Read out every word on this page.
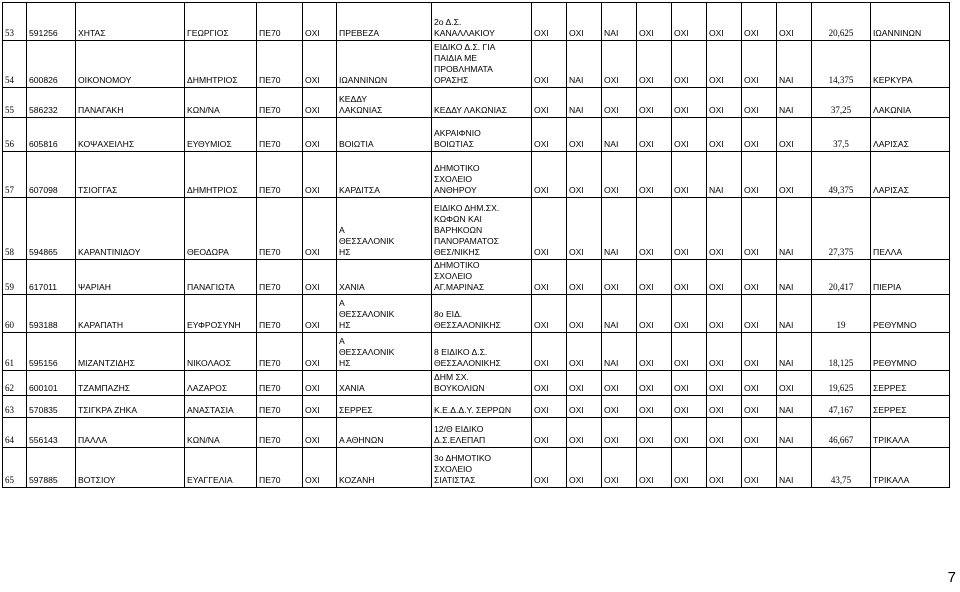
53	591256	ΧΗΤΑΣ	ΓΕΩΡΓΙΟΣ	ΠΕ70	ΟΧΙ	ΠΡΕΒΕΖΑ	2ο Δ.Σ.
ΚΑΝΑΛΛΑΚΙΟΥ	ΟΧΙ	ΟΧΙ	ΝΑΙ	ΟΧΙ	ΟΧΙ	ΟΧΙ	ΟΧΙ	ΟΧΙ	20,625	ΙΩΑΝΝΙΝΩΝ
54	600826	ΟΙΚΟΝΟΜΟΥ	ΔΗΜΗΤΡΙΟΣ	ΠΕ70	ΟΧΙ	ΙΩΑΝΝΙΝΩΝ	ΕΙΔΙΚΟ Δ.Σ. ΓΙΑ
ΠΑΙΔΙΑ ΜΕ
ΠΡΟΒΛΗΜΑΤΑ
ΟΡΑΣΗΣ	ΟΧΙ	ΝΑΙ	ΟΧΙ	ΟΧΙ	ΟΧΙ	ΟΧΙ	ΟΧΙ	ΝΑΙ	14,375	ΚΕΡΚΥΡΑ
55	586232	ΠΑΝΑΓΑΚΗ	ΚΩΝ/ΝΑ	ΠΕ70	ΟΧΙ	ΚΕΔΔΥ
ΛΑΚΩΝΙΑΣ	ΚΕΔΔΥ ΛΑΚΩΝΙΑΣ	ΟΧΙ	ΝΑΙ	ΟΧΙ	ΟΧΙ	ΟΧΙ	ΟΧΙ	ΟΧΙ	ΝΑΙ	37,25	ΛΑΚΩΝΙΑ
56	605816	ΚΟΨΑΧΕΙΛΗΣ	ΕΥΘΥΜΙΟΣ	ΠΕ70	ΟΧΙ	ΒΟΙΩΤΙΑ	ΑΚΡΑΙΦΝΙΟ
ΒΟΙΩΤΙΑΣ	ΟΧΙ	ΟΧΙ	ΝΑΙ	ΟΧΙ	ΟΧΙ	ΟΧΙ	ΟΧΙ	ΟΧΙ	37,5	ΛΑΡΙΣΑΣ
57	607098	ΤΣΙΟΓΓΑΣ	ΔΗΜΗΤΡΙΟΣ	ΠΕ70	ΟΧΙ	ΚΑΡΔΙΤΣΑ	ΔΗΜΟΤΙΚΟ
ΣΧΟΛΕΙΟ
ΑΝΘΗΡΟΥ	ΟΧΙ	ΟΧΙ	ΟΧΙ	ΟΧΙ	ΟΧΙ	ΝΑΙ	ΟΧΙ	ΟΧΙ	49,375	ΛΑΡΙΣΑΣ
58	594865	ΚΑΡΑΝΤΙΝΙΔΟΥ	ΘΕΟΔΩΡΑ	ΠΕ70	ΟΧΙ	Α
ΘΕΣΣΑΛΟΝΙΚ
ΗΣ	ΕΙΔΙΚΟ ΔΗΜ.ΣΧ.
ΚΩΦΩΝ ΚΑΙ
ΒΑΡΗΚΟΩΝ
ΠΑΝΟΡΑΜΑΤΟΣ
ΘΕΣ/ΝΙΚΗΣ	ΟΧΙ	ΟΧΙ	ΝΑΙ	ΟΧΙ	ΟΧΙ	ΟΧΙ	ΟΧΙ	ΝΑΙ	27,375	ΠΕΛΛΑ
59	617011	ΨΑΡΙΑΗ	ΠΑΝΑΓΙΩΤΑ	ΠΕ70	ΟΧΙ	ΧΑΝΙΑ	ΔΗΜΟΤΙΚΟ
ΣΧΟΛΕΙΟ
ΑΓ.ΜΑΡΙΝΑΣ	ΟΧΙ	ΟΧΙ	ΟΧΙ	ΟΧΙ	ΟΧΙ	ΟΧΙ	ΟΧΙ	ΝΑΙ	20,417	ΠΙΕΡΙΑ
60	593188	ΚΑΡΑΠΑΤΗ	ΕΥΦΡΟΣΥΝΗ	ΠΕ70	ΟΧΙ	Α
ΘΕΣΣΑΛΟΝΙΚ
ΗΣ	8ο ΕΙΔ.
ΘΕΣΣΑΛΟΝΙΚΗΣ	ΟΧΙ	ΟΧΙ	ΝΑΙ	ΟΧΙ	ΟΧΙ	ΟΧΙ	ΟΧΙ	ΝΑΙ	19	ΡΕΘΥΜΝΟ
61	595156	ΜΙΖΑΝΤΖΙΔΗΣ	ΝΙΚΟΛΑΟΣ	ΠΕ70	ΟΧΙ	Α
ΘΕΣΣΑΛΟΝΙΚ
ΗΣ	8 ΕΙΔΙΚΟ Δ.Σ.
ΘΕΣΣΑΛΟΝΙΚΗΣ	ΟΧΙ	ΟΧΙ	ΝΑΙ	ΟΧΙ	ΟΧΙ	ΟΧΙ	ΟΧΙ	ΝΑΙ	18,125	ΡΕΘΥΜΝΟ
62	600101	ΤΖΑΜΠΑΖΗΣ	ΛΑΖΑΡΟΣ	ΠΕ70	ΟΧΙ	ΧΑΝΙΑ	ΔΗΜ ΣΧ.
ΒΟΥΚΟΛΙΩΝ	ΟΧΙ	ΟΧΙ	ΟΧΙ	ΟΧΙ	ΟΧΙ	ΟΧΙ	ΟΧΙ	ΟΧΙ	19,625	ΣΕΡΡΕΣ
63	570835	ΤΣΙΓΚΡΑ ΖΗΚΑ	ΑΝΑΣΤΑΣΙΑ	ΠΕ70	ΟΧΙ	ΣΕΡΡΕΣ	Κ.Ε.Δ.Δ.Υ. ΣΕΡΡΩΝ	ΟΧΙ	ΟΧΙ	ΟΧΙ	ΟΧΙ	ΟΧΙ	ΟΧΙ	ΟΧΙ	ΝΑΙ	47,167	ΣΕΡΡΕΣ
64	556143	ΠΑΛΛΑ	ΚΩΝ/ΝΑ	ΠΕ70	ΟΧΙ	Α ΑΘΗΝΩΝ	12/Θ ΕΙΔΙΚΟ
Δ.Σ.ΕΛΕΠΑΠ	ΟΧΙ	ΟΧΙ	ΟΧΙ	ΟΧΙ	ΟΧΙ	ΟΧΙ	ΟΧΙ	ΝΑΙ	46,667	ΤΡΙΚΑΛΑ
65	597885	ΒΟΤΣΙΟΥ	ΕΥΑΓΓΕΛΙΑ	ΠΕ70	ΟΧΙ	ΚΟΖΑΝΗ	3ο ΔΗΜΟΤΙΚΟ
ΣΧΟΛΕΙΟ
ΣΙΑΤΙΣΤΑΣ	ΟΧΙ	ΟΧΙ	ΟΧΙ	ΟΧΙ	ΟΧΙ	ΟΧΙ	ΟΧΙ	ΝΑΙ	43,75	ΤΡΙΚΑΛΑ
7
